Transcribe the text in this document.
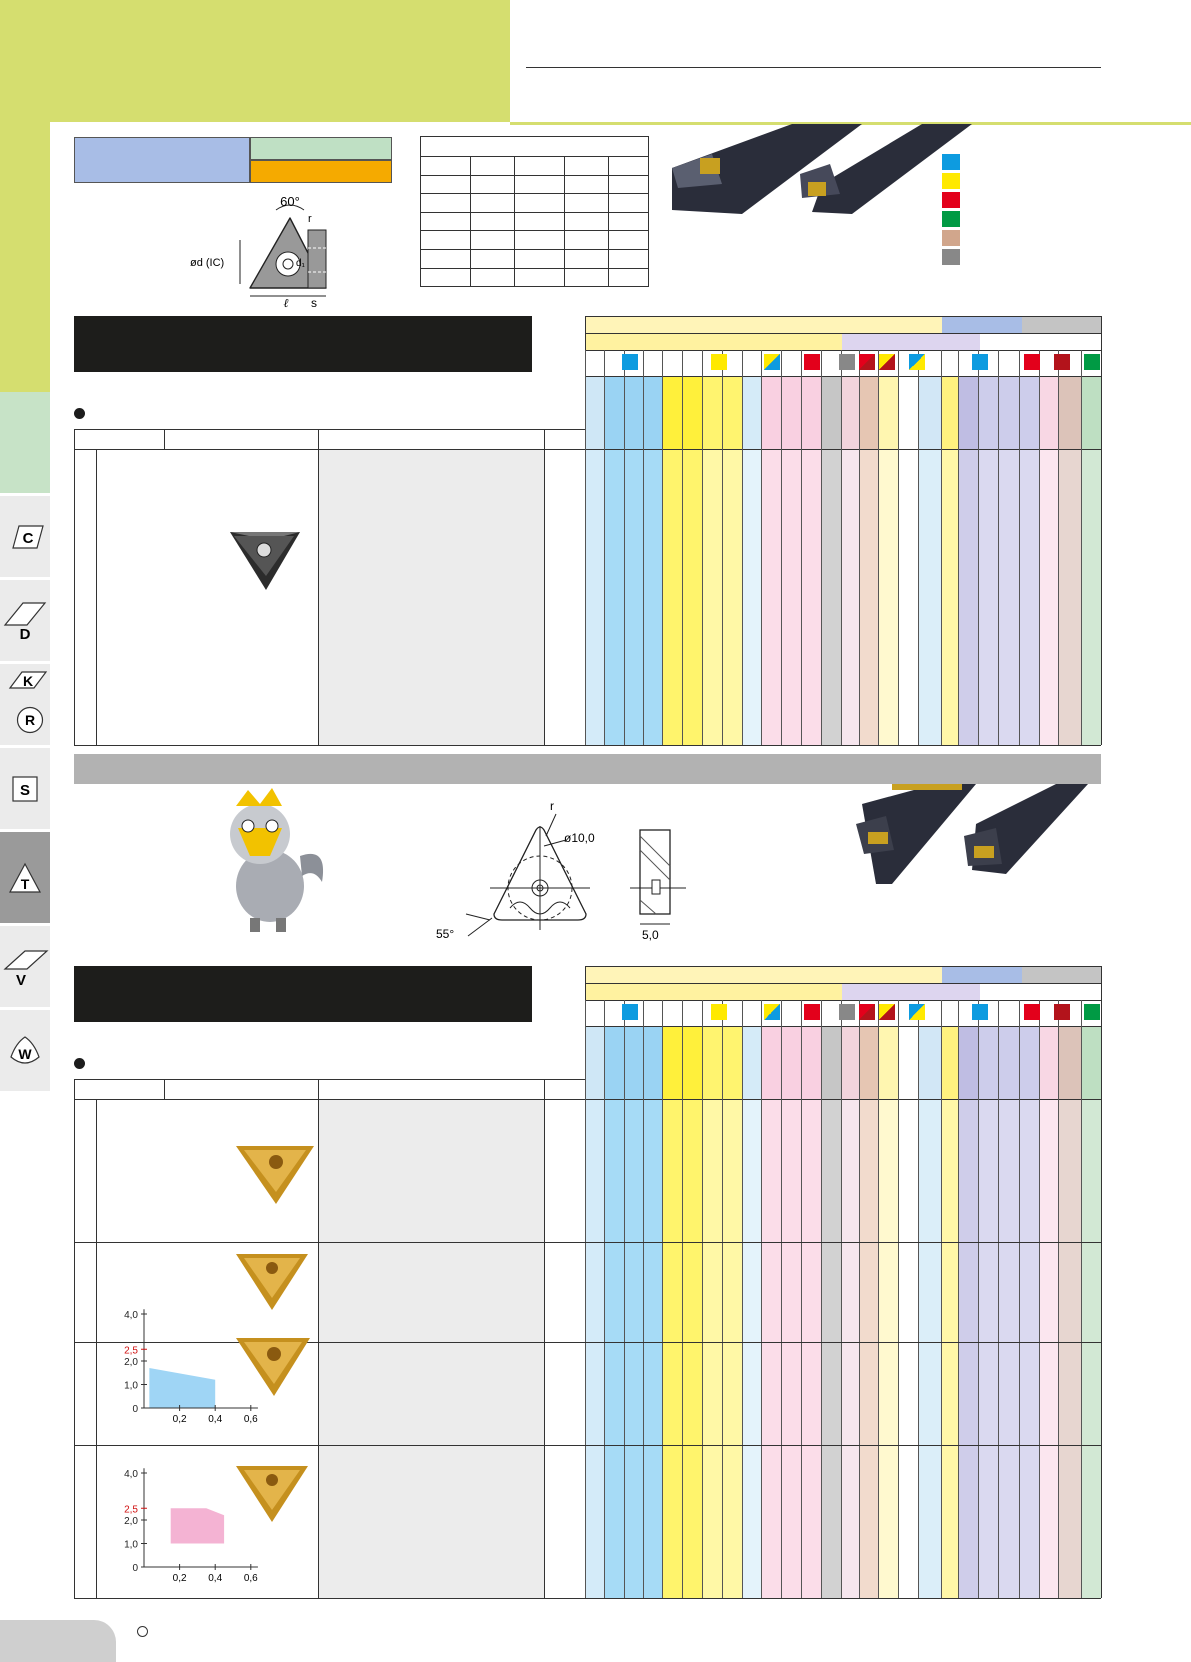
C
D
K
R
S
T
V
W
60°
r
ød (IC)	d₁
ℓ s

r
ø10,0
55°	5,0
0
1,0
2,0
2,5
4,0
0,2 0,4 0,6
0
1,0
2,0
2,5
4,0
0,2 0,4 0,6
